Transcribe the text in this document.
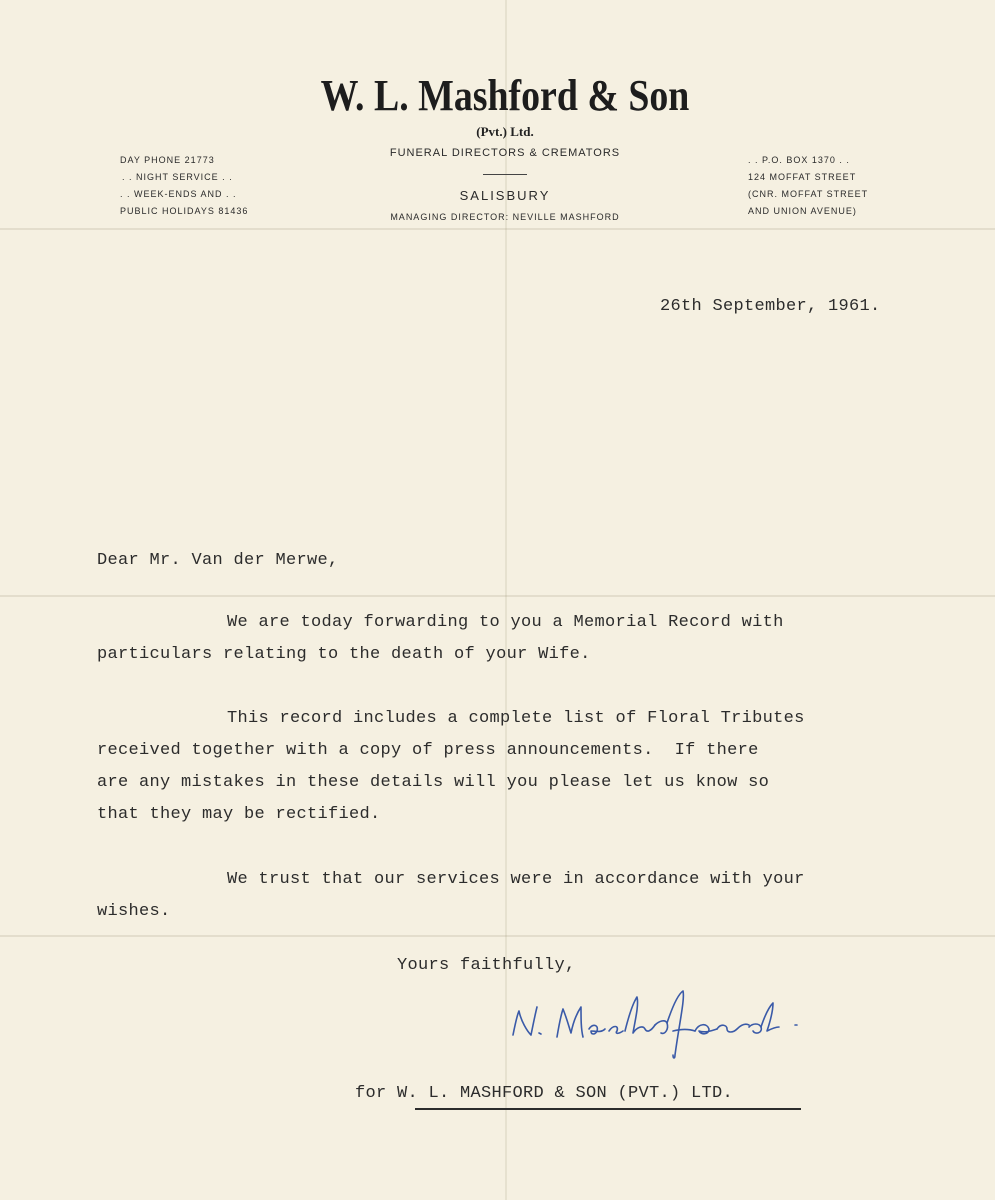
W. L. Mashford & Son
(Pvt.) Ltd.
FUNERAL DIRECTORS & CREMATORS
SALISBURY
MANAGING DIRECTOR: NEVILLE MASHFORD
DAY PHONE 21773
. . NIGHT SERVICE . .
. . WEEK-ENDS AND . .
PUBLIC HOLIDAYS 81436
. . P.O. BOX 1370 . .
124 MOFFAT STREET
(CNR. MOFFAT STREET
AND UNION AVENUE)
26th September, 1961.
Dear Mr. Van der Merwe,
We are today forwarding to you a Memorial Record with
particulars relating to the death of your Wife.
This record includes a complete list of Floral Tributes
received together with a copy of press announcements.  If there
are any mistakes in these details will you please let us know so
that they may be rectified.
We trust that our services were in accordance with your
wishes.
Yours faithfully,
for W. L. MASHFORD & SON (PVT.) LTD.
